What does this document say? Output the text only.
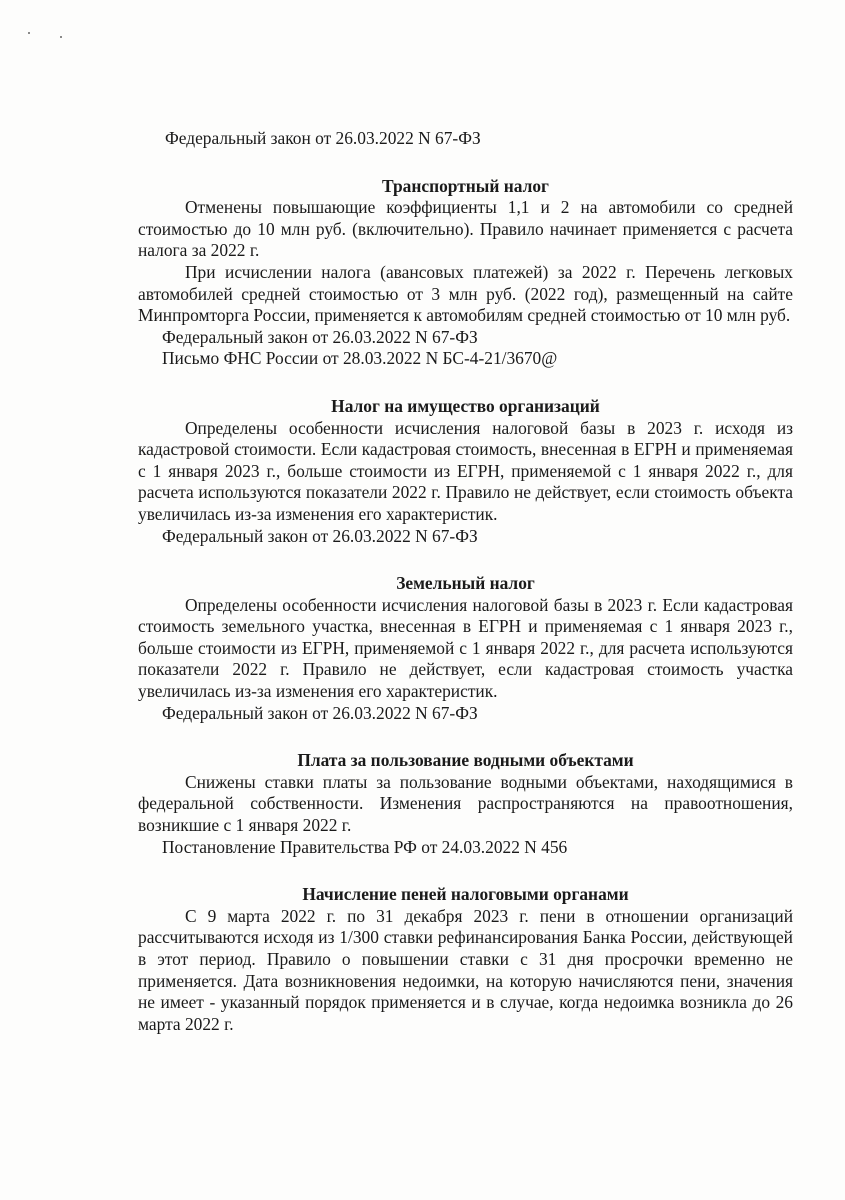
Федеральный закон от 26.03.2022 N 67-ФЗ

Транспортный налог

Отменены повышающие коэффициенты 1,1 и 2 на автомобили со средней стоимостью до 10 млн руб. (включительно). Правило начинает применяется с расчета налога за 2022 г.

При исчислении налога (авансовых платежей) за 2022 г. Перечень легковых автомобилей средней стоимостью от 3 млн руб. (2022 год), размещенный на сайте Минпромторга России, применяется к автомобилям средней стоимостью от 10 млн руб.

Федеральный закон от 26.03.2022 N 67-ФЗ

Письмо ФНС России от 28.03.2022 N БС-4-21/3670@

Налог на имущество организаций

Определены особенности исчисления налоговой базы в 2023 г. исходя из кадастровой стоимости. Если кадастровая стоимость, внесенная в ЕГРН и применяемая с 1 января 2023 г., больше стоимости из ЕГРН, применяемой с 1 января 2022 г., для расчета используются показатели 2022 г. Правило не действует, если стоимость объекта увеличилась из-за изменения его характеристик.

Федеральный закон от 26.03.2022 N 67-ФЗ

Земельный налог

Определены особенности исчисления налоговой базы в 2023 г. Если кадастровая стоимость земельного участка, внесенная в ЕГРН и применяемая с 1 января 2023 г., больше стоимости из ЕГРН, применяемой с 1 января 2022 г., для расчета используются показатели 2022 г. Правило не действует, если кадастровая стоимость участка увеличилась из-за изменения его характеристик.

Федеральный закон от 26.03.2022 N 67-ФЗ

Плата за пользование водными объектами

Снижены ставки платы за пользование водными объектами, находящимися в федеральной собственности. Изменения распространяются на правоотношения, возникшие с 1 января 2022 г.

Постановление Правительства РФ от 24.03.2022 N 456

Начисление пеней налоговыми органами

С 9 марта 2022 г. по 31 декабря 2023 г. пени в отношении организаций рассчитываются исходя из 1/300 ставки рефинансирования Банка России, действующей в этот период. Правило о повышении ставки с 31 дня просрочки временно не применяется. Дата возникновения недоимки, на которую начисляются пени, значения не имеет - указанный порядок применяется и в случае, когда недоимка возникла до 26 марта 2022 г.
